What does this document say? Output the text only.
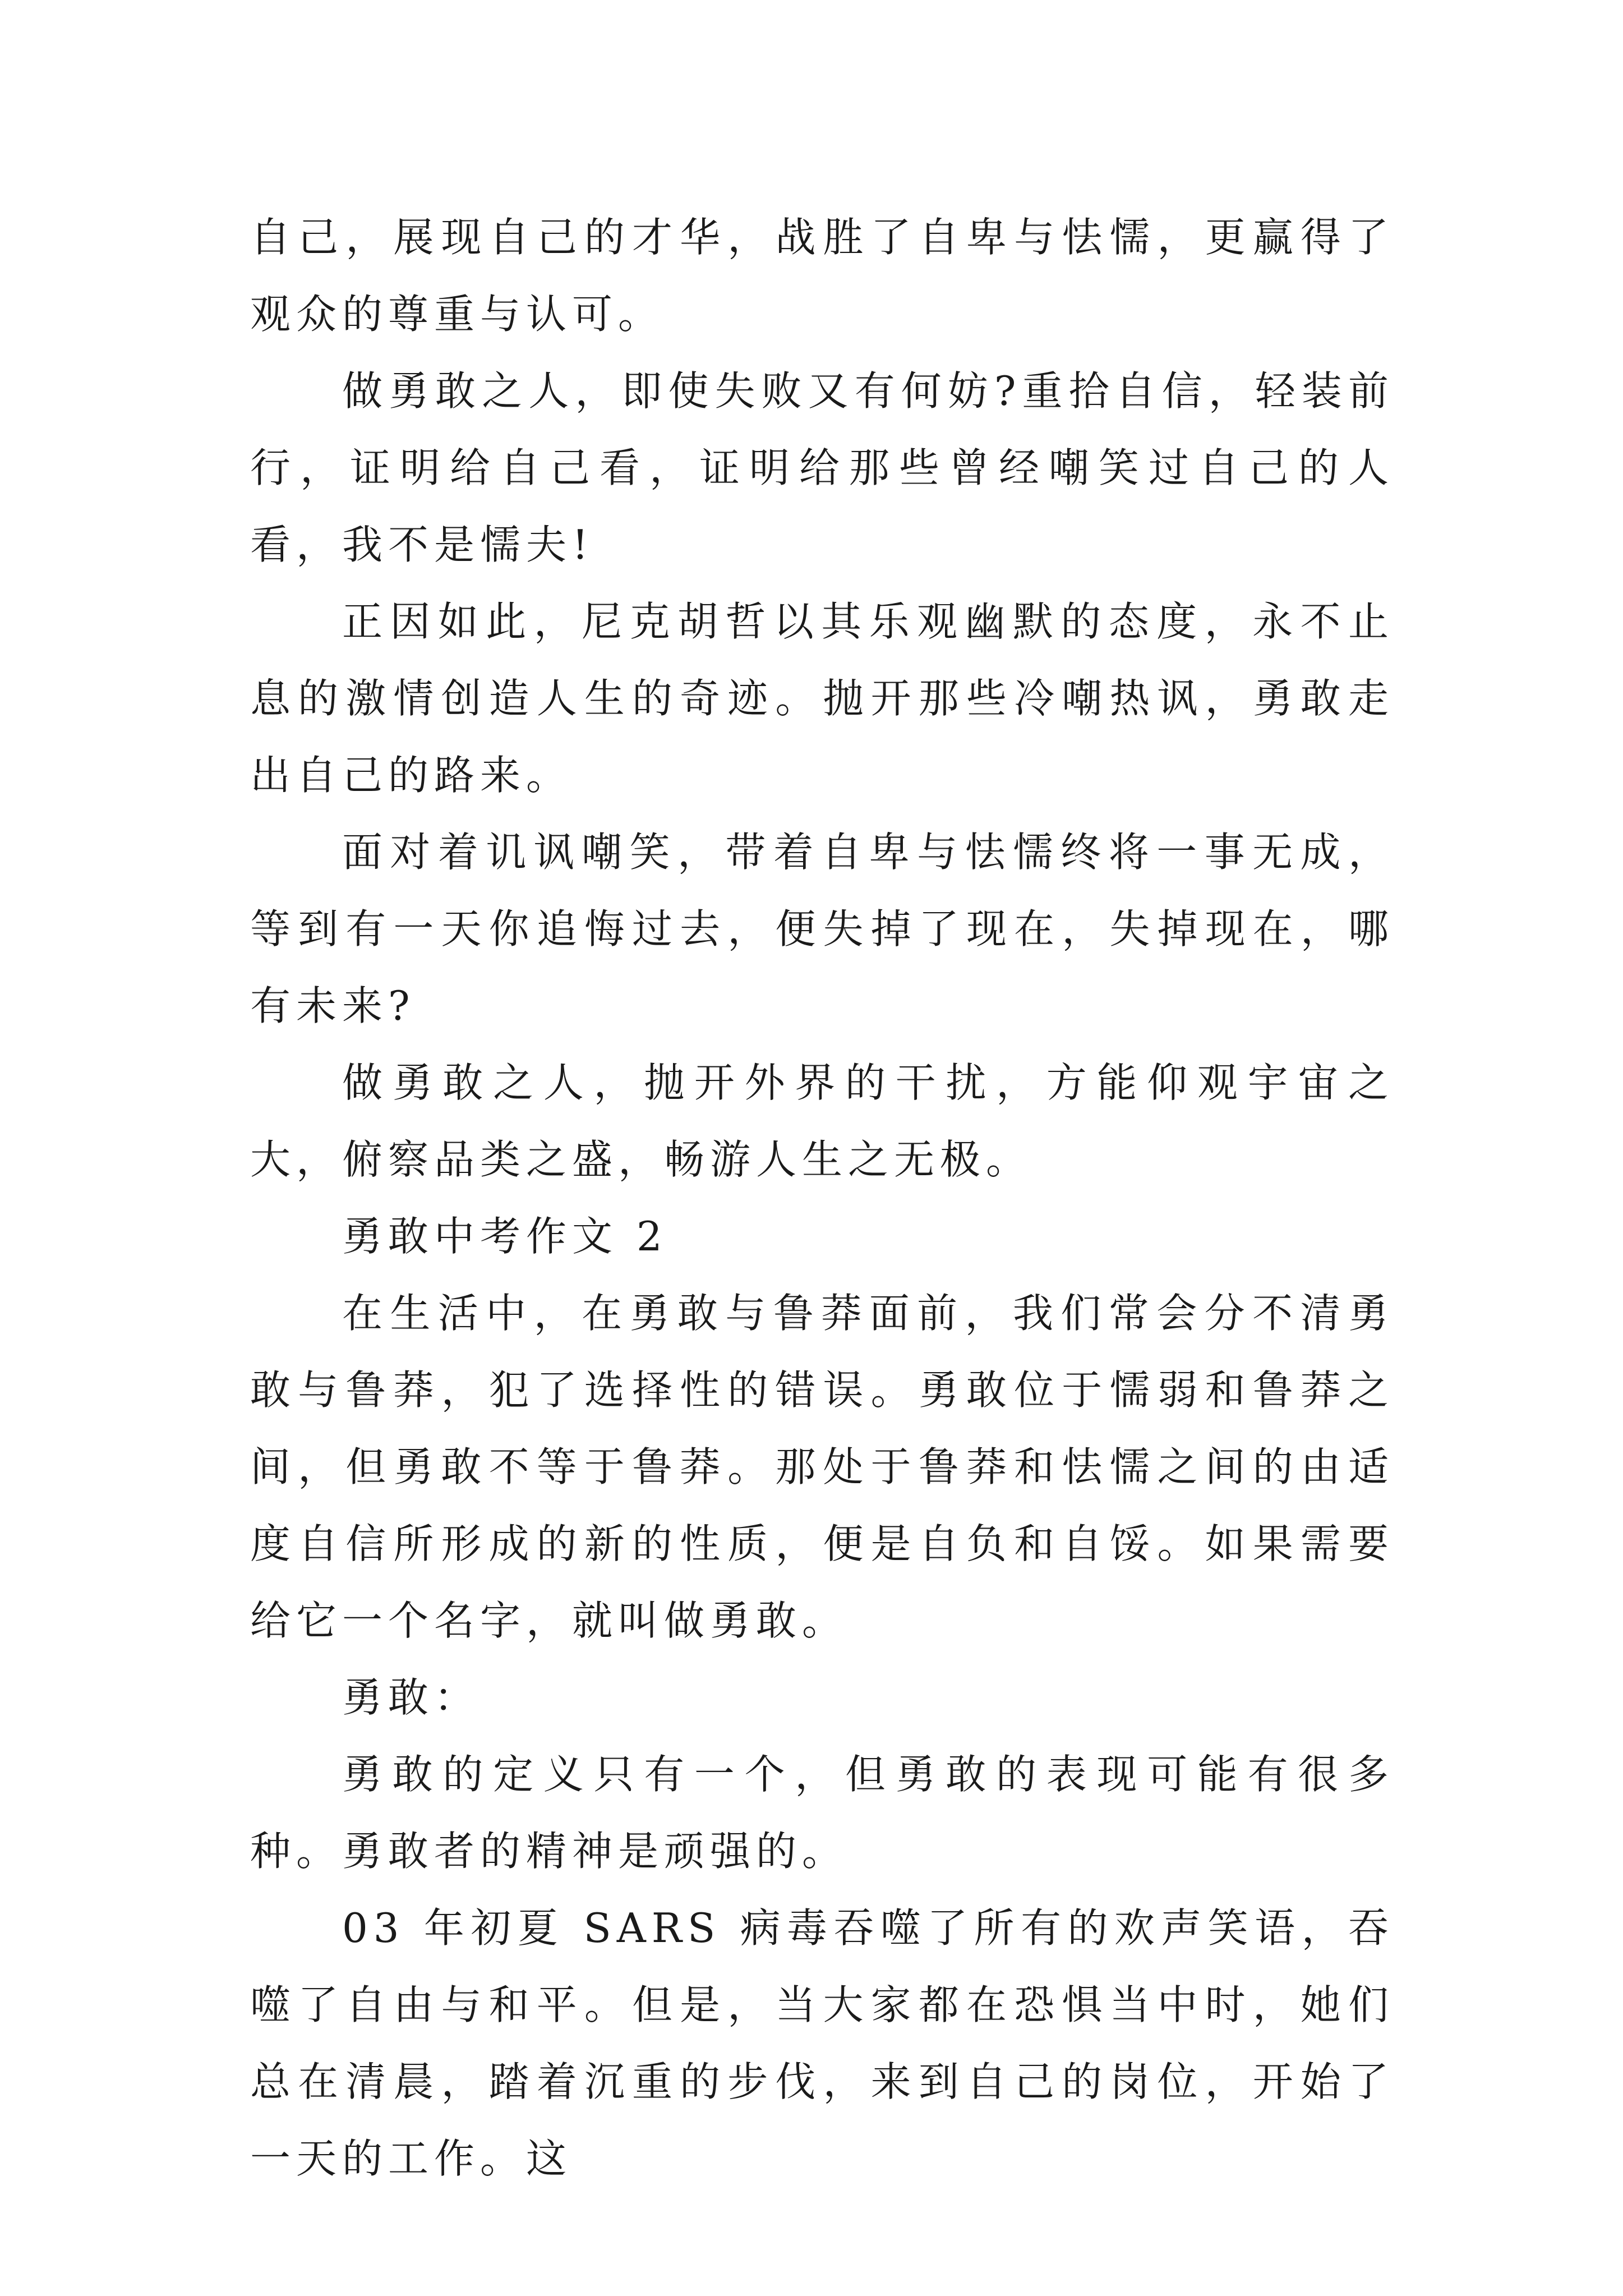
自己，展现自己的才华，战胜了自卑与怯懦，更赢得了观众的尊重与认可。

做勇敢之人，即使失败又有何妨?重拾自信，轻装前行，证明给自己看，证明给那些曾经嘲笑过自己的人看，我不是懦夫!

正因如此，尼克胡哲以其乐观幽默的态度，永不止息的激情创造人生的奇迹。抛开那些冷嘲热讽，勇敢走出自己的路来。

面对着讥讽嘲笑，带着自卑与怯懦终将一事无成，等到有一天你追悔过去，便失掉了现在，失掉现在，哪有未来?

做勇敢之人，抛开外界的干扰，方能仰观宇宙之大，俯察品类之盛，畅游人生之无极。

勇敢中考作文 2

在生活中，在勇敢与鲁莽面前，我们常会分不清勇敢与鲁莽，犯了选择性的错误。勇敢位于懦弱和鲁莽之间，但勇敢不等于鲁莽。那处于鲁莽和怯懦之间的由适度自信所形成的新的性质，便是自负和自馁。如果需要给它一个名字，就叫做勇敢。

勇敢：

勇敢的定义只有一个，但勇敢的表现可能有很多种。勇敢者的精神是顽强的。

03 年初夏 SARS 病毒吞噬了所有的欢声笑语，吞噬了自由与和平。但是，当大家都在恐惧当中时，她们总在清晨，踏着沉重的步伐，来到自己的岗位，开始了一天的工作。这
